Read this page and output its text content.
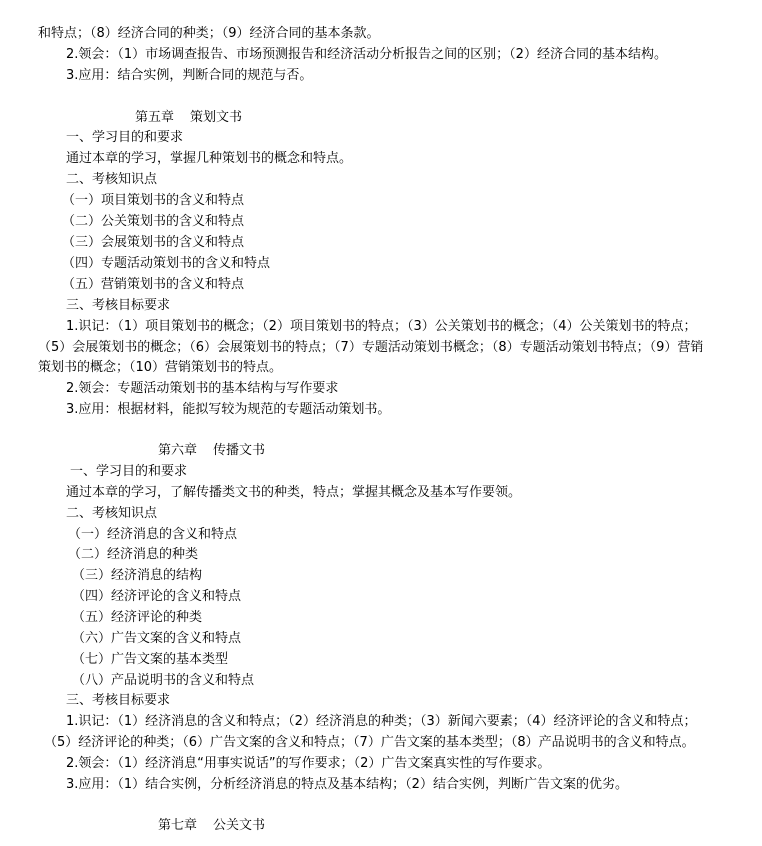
和特点；（8）经济合同的种类；（9）经济合同的基本条款。
2.领会：（1）市场调查报告、市场预测报告和经济活动分析报告之间的区别；（2）经济合同的基本结构。
3.应用：结合实例，判断合同的规范与否。
第五章 策划文书
一、学习目的和要求
通过本章的学习，掌握几种策划书的概念和特点。
二、考核知识点
（一）项目策划书的含义和特点
（二）公关策划书的含义和特点
（三）会展策划书的含义和特点
（四）专题活动策划书的含义和特点
（五）营销策划书的含义和特点
三、考核目标要求
1.识记：（1）项目策划书的概念；（2）项目策划书的特点；（3）公关策划书的概念；（4）公关策划书的特点；
（5）会展策划书的概念；（6）会展策划书的特点；（7）专题活动策划书概念；（8）专题活动策划书特点；（9）营销
策划书的概念；（10）营销策划书的特点。
2.领会：专题活动策划书的基本结构与写作要求
3.应用：根据材料，能拟写较为规范的专题活动策划书。
第六章 传播文书
一、学习目的和要求
通过本章的学习，了解传播类文书的种类，特点；掌握其概念及基本写作要领。
二、考核知识点
（一）经济消息的含义和特点
（二）经济消息的种类
（三）经济消息的结构
（四）经济评论的含义和特点
（五）经济评论的种类
（六）广告文案的含义和特点
（七）广告文案的基本类型
（八）产品说明书的含义和特点
三、考核目标要求
1.识记：（1）经济消息的含义和特点；（2）经济消息的种类；（3）新闻六要素；（4）经济评论的含义和特点；
（5）经济评论的种类；（6）广告文案的含义和特点；（7）广告文案的基本类型；（8）产品说明书的含义和特点。
2.领会：（1）经济消息“用事实说话”的写作要求；（2）广告文案真实性的写作要求。
3.应用：（1）结合实例，分析经济消息的特点及基本结构；（2）结合实例，判断广告文案的优劣。
第七章 公关文书
